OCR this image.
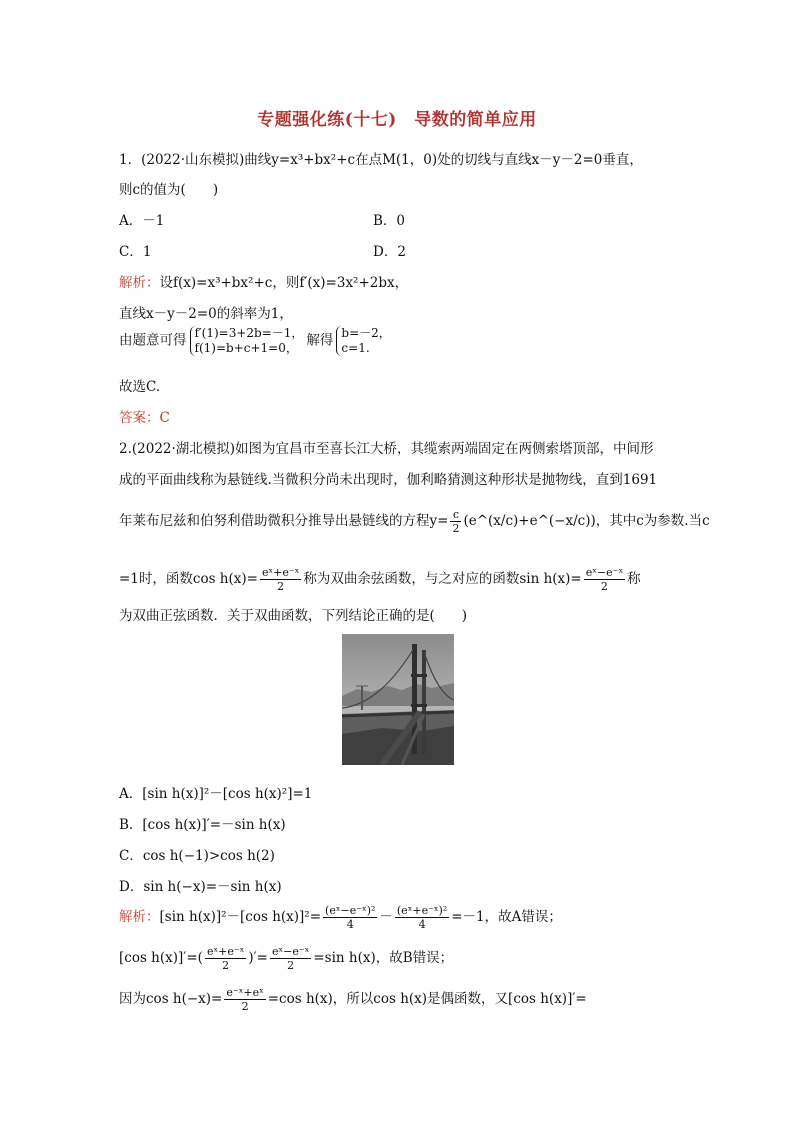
专题强化练(十七)　导数的简单应用
1．(2022·山东模拟)曲线y=x³+bx²+c在点M(1，0)处的切线与直线x－y－2=0垂直，
则c的值为(　　)
A．－1	B．0
C．1	D．2
解析：设f(x)=x³+bx²+c，则f′(x)=3x²+2bx，
直线x－y－2=0的斜率为1，
由题意可得 f′(1)=3+2b=－1，
f(1)=b+c+1=0， 解得 b=－2，
c=1.
故选C.
答案：C
2.(2022·湖北模拟)如图为宜昌市至喜长江大桥，其缆索两端固定在两侧索塔顶部，中间形
成的平面曲线称为悬链线.当微积分尚未出现时，伽利略猜测这种形状是抛物线，直到1691
年莱布尼兹和伯努利借助微积分推导出悬链线的方程$y= \frac{c}{2}$ (e^(x/c)+e^(−x/c))，其中c为参数.当c
=1时，函数$\cos h(x)= \frac{\text{eˣ+e⁻ˣ}}{2}$ 称为双曲余弦函数，与之对应的函数$\sin h(x)= \frac{\text{eˣ−e⁻ˣ}}{2}$ 称
为双曲正弦函数．关于双曲函数，下列结论正确的是(　　)
A．[sin h(x)]²－[cos h(x)²]=1
B．[cos h(x)]′=－sin h(x)
C．cos h(−1)>cos h(2)
D．sin h(−x)=－sin h(x)
解析：[sin h(x)]²－[cos $h(x)]^2= \frac{\text{(eˣ−e⁻ˣ)²}}{4} - \frac{\text{(eˣ+e⁻ˣ)²}}{4} =-1$，故A错误；
[cos $h(x)]'=( \frac{\text{eˣ+e⁻ˣ}}{2}$ )′= $\frac{\text{eˣ−e⁻ˣ}}{2} =\sin$ h(x)，故B错误；
因为$\cos h(-x)= \frac{\text{e⁻ˣ+eˣ}}{2} =\cos$ h(x)，所以cos h(x)是偶函数，又[cos h(x)]′=
